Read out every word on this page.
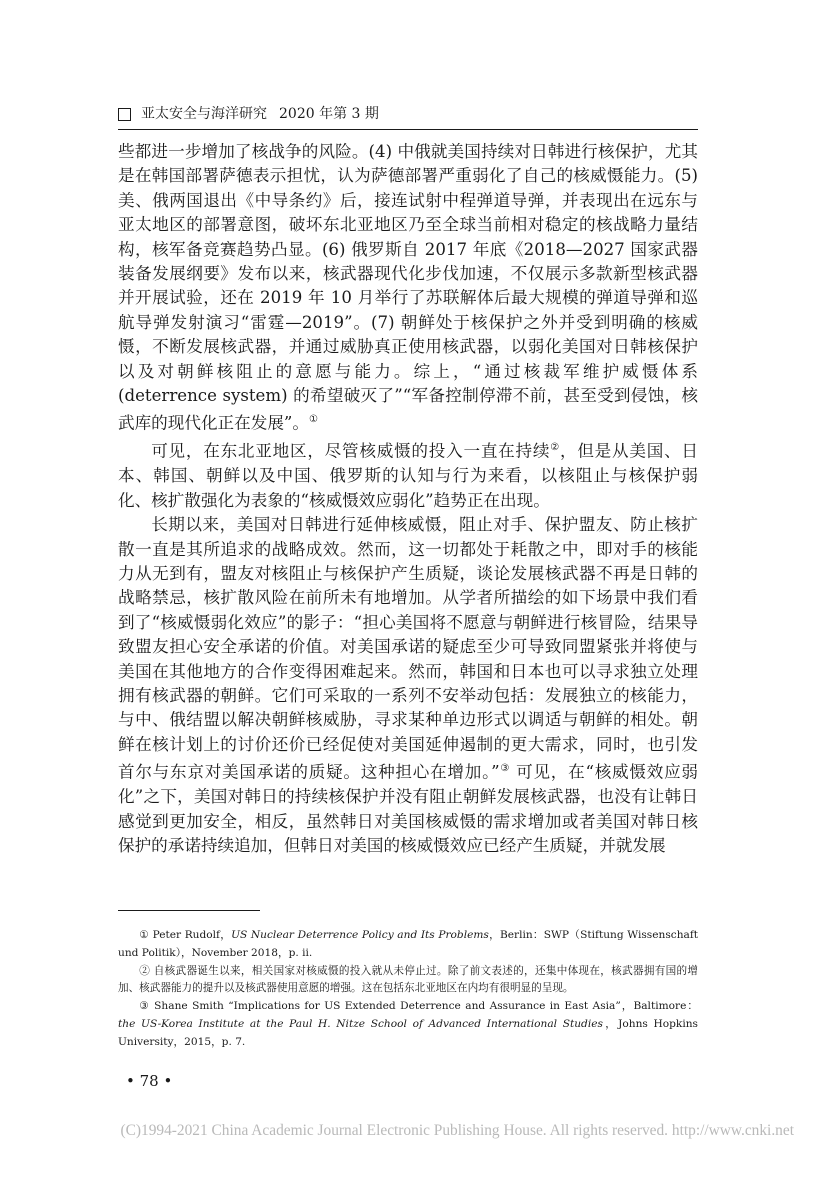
亚太安全与海洋研究 2020 年第 3 期

些都进一步增加了核战争的风险。(4) 中俄就美国持续对日韩进行核保护，尤其是在韩国部署萨德表示担忧，认为萨德部署严重弱化了自己的核威慑能力。(5) 美、俄两国退出《中导条约》后，接连试射中程弹道导弹，并表现出在远东与亚太地区的部署意图，破坏东北亚地区乃至全球当前相对稳定的核战略力量结构，核军备竞赛趋势凸显。(6) 俄罗斯自 2017 年底《2018—2027 国家武器装备发展纲要》发布以来，核武器现代化步伐加速，不仅展示多款新型核武器并开展试验，还在 2019 年 10 月举行了苏联解体后最大规模的弹道导弹和巡航导弹发射演习“雷霆—2019”。(7) 朝鲜处于核保护之外并受到明确的核威慑，不断发展核武器，并通过威胁真正使用核武器，以弱化美国对日韩核保护以及对朝鲜核阻止的意愿与能力。综上，“通过核裁军维护威慑体系 (deterrence system) 的希望破灭了”“军备控制停滞不前，甚至受到侵蚀，核武库的现代化正在发展”。①

可见，在东北亚地区，尽管核威慑的投入一直在持续②，但是从美国、日本、韩国、朝鲜以及中国、俄罗斯的认知与行为来看，以核阻止与核保护弱化、核扩散强化为表象的“核威慑效应弱化”趋势正在出现。

长期以来，美国对日韩进行延伸核威慑，阻止对手、保护盟友、防止核扩散一直是其所追求的战略成效。然而，这一切都处于耗散之中，即对手的核能力从无到有，盟友对核阻止与核保护产生质疑，谈论发展核武器不再是日韩的战略禁忌，核扩散风险在前所未有地增加。从学者所描绘的如下场景中我们看到了“核威慑弱化效应”的影子：“担心美国将不愿意与朝鲜进行核冒险，结果导致盟友担心安全承诺的价值。对美国承诺的疑虑至少可导致同盟紧张并将使与美国在其他地方的合作变得困难起来。然而，韩国和日本也可以寻求独立处理拥有核武器的朝鲜。它们可采取的一系列不安举动包括：发展独立的核能力，与中、俄结盟以解决朝鲜核威胁，寻求某种单边形式以调适与朝鲜的相处。朝鲜在核计划上的讨价还价已经促使对美国延伸遏制的更大需求，同时，也引发首尔与东京对美国承诺的质疑。这种担心在增加。”③ 可见，在“核威慑效应弱化”之下，美国对韩日的持续核保护并没有阻止朝鲜发展核武器，也没有让韩日感觉到更加安全，相反，虽然韩日对美国核威慑的需求增加或者美国对韩日核保护的承诺持续追加，但韩日对美国的核威慑效应已经产生质疑，并就发展

① Peter Rudolf，US Nuclear Deterrence Policy and Its Problems，Berlin：SWP（Stiftung Wissenschaft und Politik），November 2018，p. ii.

② 自核武器诞生以来，相关国家对核威慑的投入就从未停止过。除了前文表述的，还集中体现在，核武器拥有国的增加、核武器能力的提升以及核武器使用意愿的增强。这在包括东北亚地区在内均有很明显的呈现。

③ Shane Smith “Implications for US Extended Deterrence and Assurance in East Asia”，Baltimore：the US-Korea Institute at the Paul H. Nitze School of Advanced International Studies，Johns Hopkins University，2015，p. 7.

• 78 •
(C)1994-2021 China Academic Journal Electronic Publishing House. All rights reserved. http://www.cnki.net
